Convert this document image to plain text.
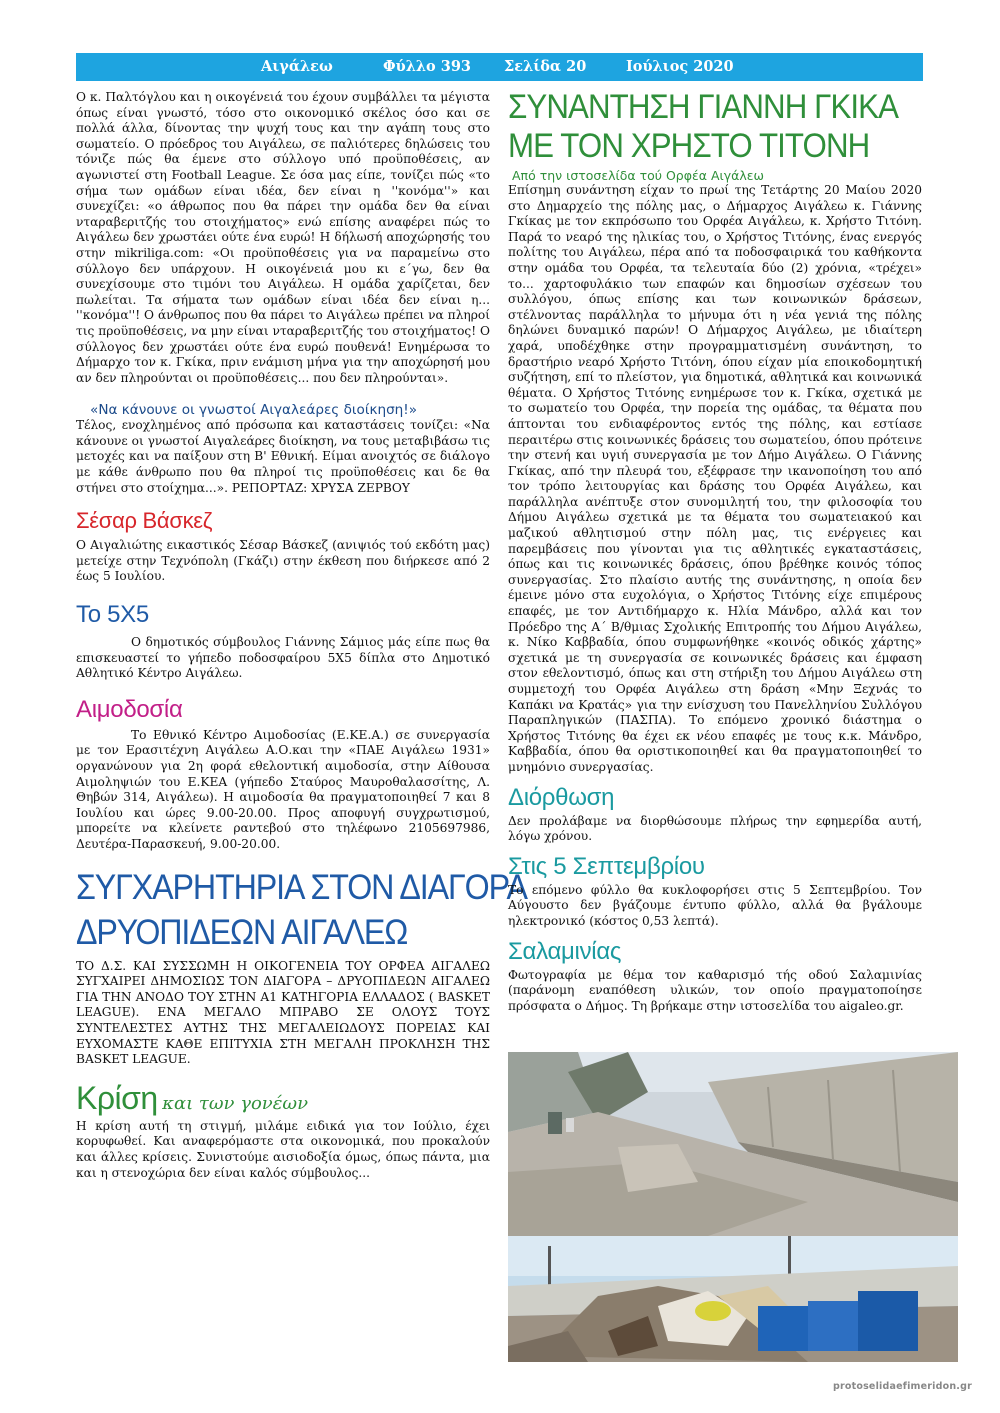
Αιγάλεω	Φύλλο 393 Σελίδα 20	Ιούλιος 2020

Ο κ. Παλτόγλου και η οικογένειά του έχουν συμβάλλει τα μέγιστα όπως είναι γνωστό, τόσο στο οικονομικό σκέλος όσο και σε πολλά άλλα, δίνοντας την ψυχή τους και την αγάπη τους στο σωματείο. Ο πρόεδρος του Αιγάλεω, σε παλιότερες δηλώσεις του τόνιζε πώς θα έμενε στο σύλλογο υπό προϋποθέσεις, αν αγωνιστεί στη Football League. Σε όσα μας είπε, τονίζει πώς «το σήμα των ομάδων είναι ιδέα, δεν είναι η ''κονόμα''» και συνεχίζει: «ο άθρωπος που θα πάρει την ομάδα δεν θα είναι νταραβεριτζής του στοιχήματος» ενώ επίσης αναφέρει πώς το Αιγάλεω δεν χρωστάει ούτε ένα ευρώ! Η δήλωσή αποχώρησής του στην mikriliga.com: «Οι προϋποθέσεις για να παραμείνω στο σύλλογο δεν υπάρχουν. Η οικογένειά μου κι ε΄γω, δεν θα συνεχίσουμε στο τιμόνι του Αιγάλεω. Η ομάδα χαρίζεται, δεν πωλείται. Τα σήματα των ομάδων είναι ιδέα δεν είναι η... ''κονόμα''! Ο άνθρωπος που θα πάρει το Αιγάλεω πρέπει να πληροί τις προϋποθέσεις, να μην είναι νταραβεριτζής του στοιχήματος! Ο σύλλογος δεν χρωστάει ούτε ένα ευρώ πουθενά! Ενημέρωσα το Δήμαρχο τον κ. Γκίκα, πριν ενάμιση μήνα για την αποχώρησή μου αν δεν πληρούνται οι προϋποθέσεις... που δεν πληρούνται».

«Να κάνουνε οι γνωστοί Αιγαλεάρες διοίκηση!»

Τέλος, ενοχλημένος από πρόσωπα και καταστάσεις τονίζει: «Να κάνουνε οι γνωστοί Αιγαλεάρες διοίκηση, να τους μεταβιβάσω τις μετοχές και να παίξουν στη Β' Εθνική. Είμαι ανοιχτός σε διάλογο με κάθε άνθρωπο που θα πληροί τις προϋποθέσεις και δε θα στήνει στο στοίχημα...». ΡΕΠΟΡΤΑΖ: ΧΡΥΣΑ ΖΕΡΒΟΥ

Σέσαρ Βάσκεζ

Ο Αιγαλιώτης εικαστικός Σέσαρ Βάσκεζ (ανιψιός τού εκδότη μας) μετείχε στην Τεχνόπολη (Γκάζι) στην έκθεση που διήρκεσε από 2 έως 5 Ιουλίου.

Το 5Χ5

Ο δημοτικός σύμβουλος Γιάννης Σάμιος μάς είπε πως θα επισκευαστεί το γήπεδο ποδοσφαίρου 5Χ5 δίπλα στο Δημοτικό Αθλητικό Κέντρο Αιγάλεω.

Αιμοδοσία

Το Εθνικό Κέντρο Αιμοδοσίας (Ε.ΚΕ.Α.) σε συνεργασία με τον Ερασιτέχνη Αιγάλεω Α.Ο.και την «ΠΑΕ Αιγάλεω 1931» οργανώνουν για 2η φορά εθελοντική αιμοδοσία, στην Αίθουσα Αιμοληψιών του Ε.ΚΕΑ (γήπεδο Σταύρος Μαυροθαλασσίτης, Λ. Θηβών 314, Αιγάλεω). Η αιμοδοσία θα πραγματοποιηθεί 7 και 8 Ιουλίου και ώρες 9.00-20.00. Προς αποφυγή συγχρωτισμού, μπορείτε να κλείνετε ραντεβού στο τηλέφωνο 2105697986, Δευτέρα-Παρασκευή, 9.00-20.00.

ΣΥΓΧΑΡΗΤΗΡΙΑ ΣΤΟΝ ΔΙΑΓΟΡΑ
ΔΡΥΟΠΙΔΕΩΝ ΑΙΓΑΛΕΩ
ΤΟ Δ.Σ. ΚΑΙ ΣΥΣΣΩΜΗ Η ΟΙΚΟΓΕΝΕΙΑ ΤΟΥ ΟΡΦΕΑ ΑΙΓΑΛΕΩ ΣΥΓΧΑΙΡΕΙ ΔΗΜΟΣΙΩΣ ΤΟΝ ΔΙΑΓΟΡΑ – ΔΡΥΟΠΙΔΕΩΝ ΑΙΓΑΛΕΩ ΓΙΑ ΤΗΝ ΑΝΟΔΟ ΤΟΥ ΣΤΗΝ Α1 ΚΑΤΗΓΟΡΙΑ ΕΛΛΑΔΟΣ ( BASKET LEAGUE). ΕΝΑ ΜΕΓΑΛΟ ΜΠΡΑΒΟ ΣΕ ΟΛΟΥΣ ΤΟΥΣ ΣΥΝΤΕΛΕΣΤΕΣ ΑΥΤΗΣ ΤΗΣ ΜΕΓΑΛΕΙΩΔΟΥΣ ΠΟΡΕΙΑΣ ΚΑΙ ΕΥΧΟΜΑΣΤΕ ΚΑΘΕ ΕΠΙΤΥΧΙΑ ΣΤΗ ΜΕΓΑΛΗ ΠΡΟΚΛΗΣΗ ΤΗΣ BASKET LEAGUE.
Κρίση και των γονέων

Η κρίση αυτή τη στιγμή, μιλάμε ειδικά για τον Ιούλιο, έχει κορυφωθεί. Και αναφερόμαστε στα οικονομικά, που προκαλούν και άλλες κρίσεις. Συνιστούμε αισιοδοξία όμως, όπως πάντα, μια και η στενοχώρια δεν είναι καλός σύμβουλος...

ΣΥΝΑΝΤΗΣΗ ΓΙΑΝΝΗ ΓΚΙΚΑ
ΜΕ ΤΟΝ ΧΡΗΣΤΟ ΤΙΤΟΝΗ
Από την ιστοσελίδα τού Ορφέα Αιγάλεω

Επίσημη συνάντηση είχαν το πρωί της Τετάρτης 20 Μαίου 2020 στο Δημαρχείο της πόλης μας, ο Δήμαρχος Αιγάλεω κ. Γιάννης Γκίκας με τον εκπρόσωπο του Ορφέα Αιγάλεω, κ. Χρήστο Τιτόνη. Παρά το νεαρό της ηλικίας του, ο Χρήστος Τιτόνης, ένας ενεργός πολίτης του Αιγάλεω, πέρα από τα ποδοσφαιρικά του καθήκοντα στην ομάδα του Ορφέα, τα τελευταία δύο (2) χρόνια, «τρέχει» το... χαρτοφυλάκιο των επαφών και δημοσίων σχέσεων του συλλόγου, όπως επίσης και των κοινωνικών δράσεων, στέλνοντας παράλληλα το μήνυμα ότι η νέα γενιά της πόλης δηλώνει δυναμικό παρών! Ο Δήμαρχος Αιγάλεω, με ιδιαίτερη χαρά, υποδέχθηκε στην προγραμματισμένη συνάντηση, το δραστήριο νεαρό Χρήστο Τιτόνη, όπου είχαν μία εποικοδομητική συζήτηση, επί το πλείστον, για δημοτικά, αθλητικά και κοινωνικά θέματα. Ο Χρήστος Τιτόνης ενημέρωσε τον κ. Γκίκα, σχετικά με το σωματείο του Ορφέα, την πορεία της ομάδας, τα θέματα που άπτονται του ενδιαφέροντος εντός της πόλης, και εστίασε περαιτέρω στις κοινωνικές δράσεις του σωματείου, όπου πρότεινε την στενή και υγιή συνεργασία με τον Δήμο Αιγάλεω. Ο Γιάννης Γκίκας, από την πλευρά του, εξέφρασε την ικανοποίηση του από τον τρόπο λειτουργίας και δράσης του Ορφέα Αιγάλεω, και παράλληλα ανέπτυξε στον συνομιλητή του, την φιλοσοφία του Δήμου Αιγάλεω σχετικά με τα θέματα του σωματειακού και μαζικού αθλητισμού στην πόλη μας, τις ενέργειες και παρεμβάσεις που γίνονται για τις αθλητικές εγκαταστάσεις, όπως και τις κοινωνικές δράσεις, όπου βρέθηκε κοινός τόπος συνεργασίας. Στο πλαίσιο αυτής της συνάντησης, η οποία δεν έμεινε μόνο στα ευχολόγια, ο Χρήστος Τιτόνης είχε επιμέρους επαφές, με τον Αντιδήμαρχο κ. Ηλία Μάνδρο, αλλά και τον Πρόεδρο της Α΄ Β/θμιας Σχολικής Επιτροπής του Δήμου Αιγάλεω, κ. Νίκο Καββαδία, όπου συμφωνήθηκε «κοινός οδικός χάρτης» σχετικά με τη συνεργασία σε κοινωνικές δράσεις και έμφαση στον εθελοντισμό, όπως και στη στήριξη του Δήμου Αιγάλεω στη συμμετοχή του Ορφέα Αιγάλεω στη δράση «Μην Ξεχνάς το Καπάκι να Κρατάς» για την ενίσχυση του Πανελληνίου Συλλόγου Παραπληγικών (ΠΑΣΠΑ). Το επόμενο χρονικό διάστημα ο Χρήστος Τιτόνης θα έχει εκ νέου επαφές με τους κ.κ. Μάνδρο, Καββαδία, όπου θα οριστικοποιηθεί και θα πραγματοποιηθεί το μνημόνιο συνεργασίας.

Διόρθωση

Δεν προλάβαμε να διορθώσουμε πλήρως την εφημερίδα αυτή, λόγω χρόνου.

Στις 5 Σεπτεμβρίου

Το επόμενο φύλλο θα κυκλοφορήσει στις 5 Σεπτεμβρίου. Τον Αύγουστο δεν βγάζουμε έντυπο φύλλο, αλλά θα βγάλουμε ηλεκτρονικό (κόστος 0,53 λεπτά).

Σαλαμινίας

Φωτογραφία με θέμα τον καθαρισμό τής οδού Σαλαμινίας (παράνομη εναπόθεση υλικών, τον οποίο πραγματοποίησε πρόσφατα ο Δήμος. Τη βρήκαμε στην ιστοσελίδα του aigaleo.gr.

protoselidaefimeridon.gr
